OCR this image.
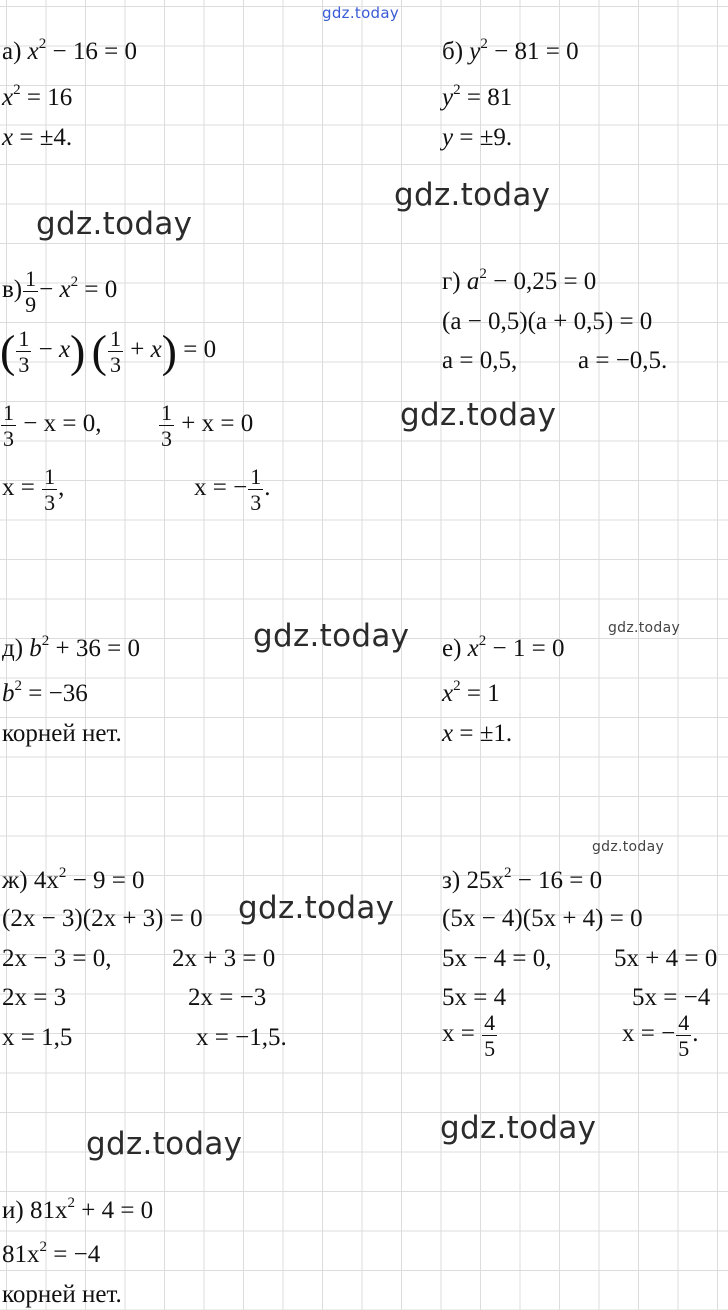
gdz.today
gdz.today
gdz.today
gdz.today
gdz.today	gdz.today
gdz.today
gdz.today
gdz.today
gdz.today
а) $x^2 - 16 = 0$
$x^2 = 16$
x = ±4.
б) $y^2 - 81 = 0$
$y^2 = 81$
y = ±9.
$в) \frac{1}{9} - x^2 = 0$
( $\frac{1}{3} - x$) ( $\frac{1}{3} + x) = 0$
$\frac{1}{3} - x = 0$,	$\frac{1}{3} + x = 0$
$x = \frac{1}{3}$ ,	x = − $\frac{1}{3}$ .
г) $a^2 - 0,25 = 0$
(a − 0,5)(a + 0,5) = 0
a = 0,5, a = −0,5.
д) $b^2 + 36 = 0$
$b^2 = -36$
корней нет.
е) $x^2 - 1 = 0$
$x^2 = 1$
x = ±1.
ж) $4x^2 - 9 = 0$
(2x − 3)(2x + 3) = 0
2x − 3 = 0, 2x + 3 = 0
2x = 3	2x = −3
x = 1,5	x = −1,5.
з) $25x^2 - 16 = 0$
(5x − 4)(5x + 4) = 0
5x − 4 = 0,	5x + 4 = 0
5x = 4	5x = −4
$x = \frac{4}{5}$	x = − $\frac{4}{5}$ .
и) $81x^2 + 4 = 0$
$81x^2 = -4$
корней нет.
